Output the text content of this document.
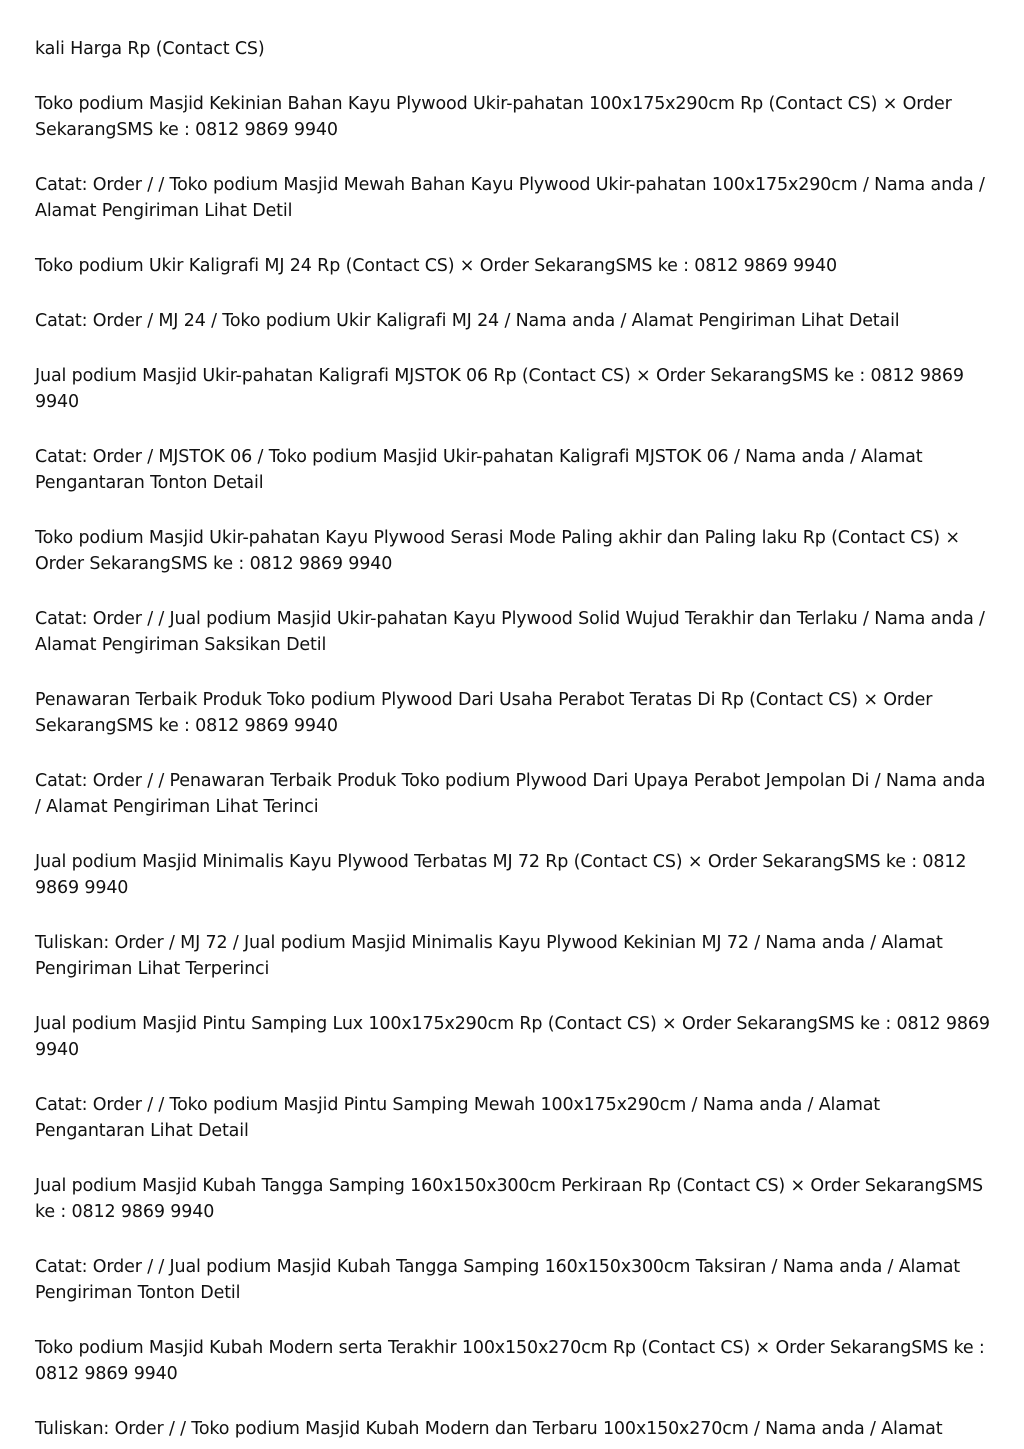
kali Harga Rp (Contact CS)

Toko podium Masjid Kekinian Bahan Kayu Plywood Ukir-pahatan 100x175x290cm Rp (Contact CS) × Order SekarangSMS ke : 0812 9869 9940

Catat: Order / / Toko podium Masjid Mewah Bahan Kayu Plywood Ukir-pahatan 100x175x290cm / Nama anda / Alamat Pengiriman Lihat Detil

Toko podium Ukir Kaligrafi MJ 24 Rp (Contact CS) × Order SekarangSMS ke : 0812 9869 9940

Catat: Order / MJ 24 / Toko podium Ukir Kaligrafi MJ 24 / Nama anda / Alamat Pengiriman Lihat Detail

Jual podium Masjid Ukir-pahatan Kaligrafi MJSTOK 06 Rp (Contact CS) × Order SekarangSMS ke : 0812 9869 9940

Catat: Order / MJSTOK 06 / Toko podium Masjid Ukir-pahatan Kaligrafi MJSTOK 06 / Nama anda / Alamat Pengantaran Tonton Detail

Toko podium Masjid Ukir-pahatan Kayu Plywood Serasi Mode Paling akhir dan Paling laku Rp (Contact CS) × Order SekarangSMS ke : 0812 9869 9940

Catat: Order / / Jual podium Masjid Ukir-pahatan Kayu Plywood Solid Wujud Terakhir dan Terlaku / Nama anda / Alamat Pengiriman Saksikan Detil

Penawaran Terbaik Produk Toko podium Plywood Dari Usaha Perabot Teratas Di Rp (Contact CS) × Order SekarangSMS ke : 0812 9869 9940

Catat: Order / / Penawaran Terbaik Produk Toko podium Plywood Dari Upaya Perabot Jempolan Di / Nama anda / Alamat Pengiriman Lihat Terinci

Jual podium Masjid Minimalis Kayu Plywood Terbatas MJ 72 Rp (Contact CS) × Order SekarangSMS ke : 0812 9869 9940

Tuliskan: Order / MJ 72 / Jual podium Masjid Minimalis Kayu Plywood Kekinian MJ 72 / Nama anda / Alamat Pengiriman Lihat Terperinci

Jual podium Masjid Pintu Samping Lux 100x175x290cm Rp (Contact CS) × Order SekarangSMS ke : 0812 9869 9940

Catat: Order / / Toko podium Masjid Pintu Samping Mewah 100x175x290cm / Nama anda / Alamat Pengantaran Lihat Detail

Jual podium Masjid Kubah Tangga Samping 160x150x300cm Perkiraan Rp (Contact CS) × Order SekarangSMS ke : 0812 9869 9940

Catat: Order / / Jual podium Masjid Kubah Tangga Samping 160x150x300cm Taksiran / Nama anda / Alamat Pengiriman Tonton Detil

Toko podium Masjid Kubah Modern serta Terakhir 100x150x270cm Rp (Contact CS) × Order SekarangSMS ke : 0812 9869 9940

Tuliskan: Order / / Toko podium Masjid Kubah Modern dan Terbaru 100x150x270cm / Nama anda / Alamat
